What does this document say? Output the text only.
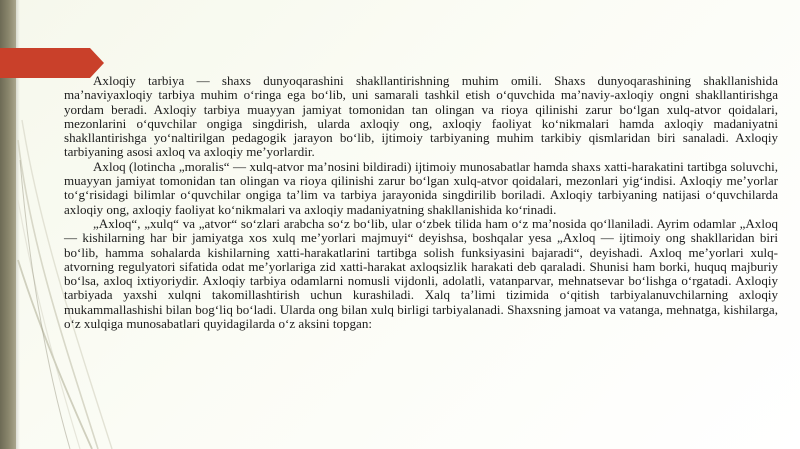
Axloqiy tarbiya — shaxs dunyoqarashini shakllantirishning muhim omili. Shaxs dunyoqarashining shakllanishida ma’naviyaxloqiy tarbiya muhim o‘ringa ega bo‘lib, uni samarali tashkil etish o‘quvchida ma’naviy-axloqiy ongni shakllantirishga yordam beradi. Axloqiy tarbiya muayyan jamiyat tomonidan tan olingan va rioya qilinishi zarur bo‘lgan xulq-atvor qoidalari, mezonlarini o‘quvchilar ongiga singdirish, ularda axloqiy ong, axloqiy faoliyat ko‘nikmalari hamda axloqiy madaniyatni shakllantirishga yo‘naltirilgan pedagogik jarayon bo‘lib, ijtimoiy tarbiyaning muhim tarkibiy qismlaridan biri sanaladi. Axloqiy tarbiyaning asosi axloq va axloqiy me’yorlardir.

Axloq (lotincha „moralis“ — xulq-atvor ma’nosini bildiradi) ijtimoiy munosabatlar hamda shaxs xatti-harakatini tartibga soluvchi, muayyan jamiyat tomonidan tan olingan va rioya qilinishi zarur bo‘lgan xulq-atvor qoidalari, mezonlari yig‘indisi. Axloqiy me’yorlar to‘g‘risidagi bilimlar o‘quvchilar ongiga ta’lim va tarbiya jarayonida singdirilib boriladi. Axloqiy tarbiyaning natijasi o‘quvchilarda axloqiy ong, axloqiy faoliyat ko‘nikmalari va axloqiy madaniyatning shakllanishida ko‘rinadi.

„Axloq“, „xulq“ va „atvor“ so‘zlari arabcha so‘z bo‘lib, ular o‘zbek tilida ham o‘z ma’nosida qo‘llaniladi. Ayrim odamlar „Axloq — kishilarning har bir jamiyatga xos xulq me’yorlari majmuyi“ deyishsa, boshqalar yesa „Axloq — ijtimoiy ong shakllaridan biri bo‘lib, hamma sohalarda kishilarning xatti-harakatlarini tartibga solish funksiyasini bajaradi“, deyishadi. Axloq me’yorlari xulq-atvorning regulyatori sifatida odat me’yorlariga zid xatti-harakat axloqsizlik harakati deb qaraladi. Shunisi ham borki, huquq majburiy bo‘lsa, axloq ixtiyoriydir. Axloqiy tarbiya odamlarni nomusli vijdonli, adolatli, vatanparvar, mehnatsevar bo‘lishga o‘rgatadi. Axloqiy tarbiyada yaxshi xulqni takomillashtirish uchun kurashiladi. Xalq ta’limi tizimida o‘qitish tarbiyalanuvchilarning axloqiy mukammallashishi bilan bog‘liq bo‘ladi. Ularda ong bilan xulq birligi tarbiyalanadi. Shaxsning jamoat va vatanga, mehnatga, kishilarga, o‘z xulqiga munosabatlari quyidagilarda o‘z aksini topgan:
